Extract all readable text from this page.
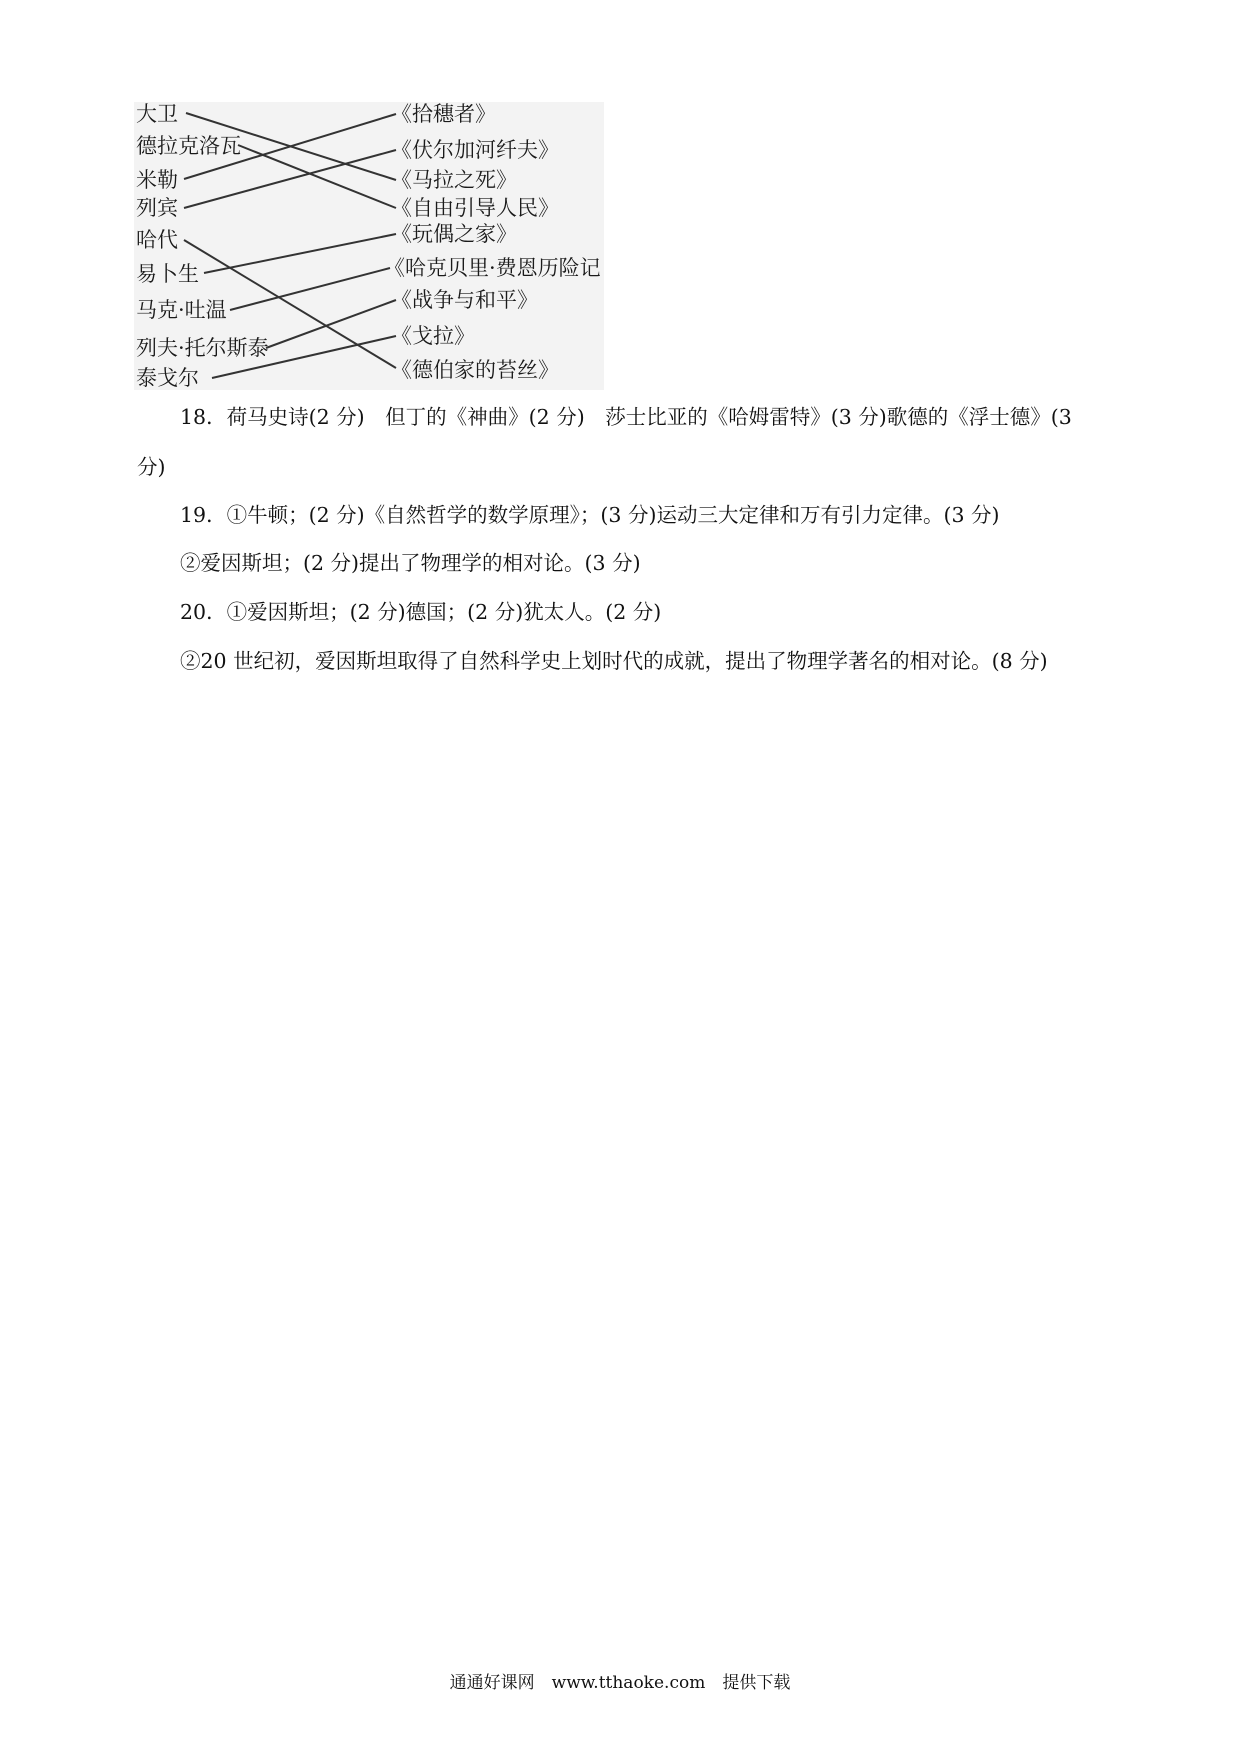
大卫
德拉克洛瓦
米勒
列宾
哈代
易卜生
马克·吐温
列夫·托尔斯泰
泰戈尔
《拾穗者》
《伏尔加河纤夫》
《马拉之死》
《自由引导人民》
《玩偶之家》
《哈克贝里·费恩历险记
《战争与和平》
《戈拉》
《德伯家的苔丝》
18．荷马史诗(2 分)　但丁的《神曲》(2 分)　莎士比亚的《哈姆雷特》(3 分)歌德的《浮士德》(3
分)
19．①牛顿；(2 分)《自然哲学的数学原理》；(3 分)运动三大定律和万有引力定律。(3 分)
②爱因斯坦；(2 分)提出了物理学的相对论。(3 分)
20．①爱因斯坦；(2 分)德国；(2 分)犹太人。(2 分)
②20 世纪初，爱因斯坦取得了自然科学史上划时代的成就，提出了物理学著名的相对论。(8 分)
通通好课网　www.tthaoke.com　提供下载
